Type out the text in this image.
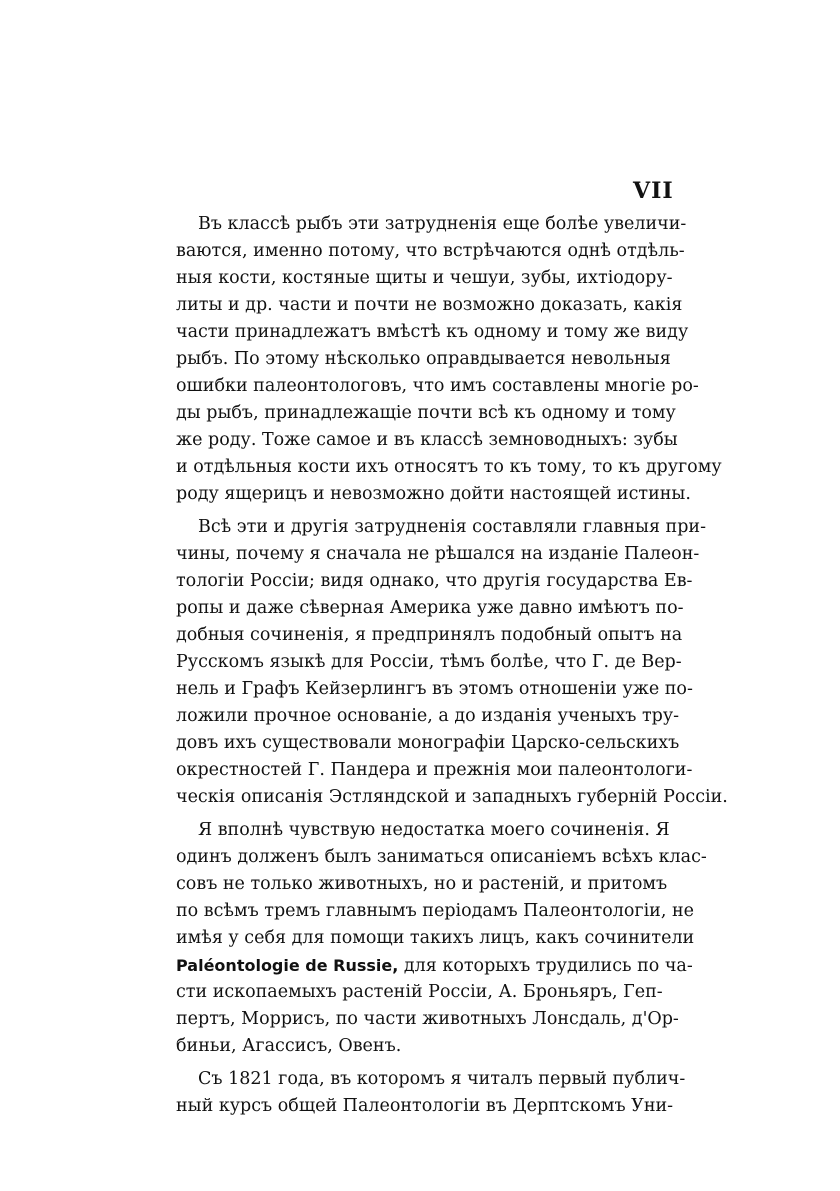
VII
Въ классѣ рыбъ эти затрудненія еще болѣе увеличи-
ваются, именно потому, что встрѣчаются однѣ отдѣль-
ныя кости, костяные щиты и чешуи, зубы, ихтіодору-
литы и др. части и почти не возможно доказать, какія
части принадлежатъ вмѣстѣ къ одному и тому же виду
рыбъ. По этому нѣсколько оправдывается невольныя
ошибки палеонтологовъ, что имъ составлены многіе ро-
ды рыбъ, принадлежащіе почти всѣ къ одному и тому
же роду. Тоже самое и въ классѣ земноводныхъ: зубы
и отдѣльныя кости ихъ относятъ то къ тому, то къ другому
роду ящерицъ и невозможно дойти настоящей истины.
Всѣ эти и другія затрудненія составляли главныя при-
чины, почему я сначала не рѣшался на изданіе Палеон-
тологіи Россіи; видя однако, что другія государства Ев-
ропы и даже сѣверная Америка уже давно имѣютъ по-
добныя сочиненія, я предпринялъ подобный опытъ на
Русскомъ языкѣ для Россіи, тѣмъ болѣе, что Г. де Вер-
нель и Графъ Кейзерлингъ въ этомъ отношеніи уже по-
ложили прочное основаніе, а до изданія ученыхъ тру-
довъ ихъ существовали монографіи Царско-сельскихъ
окрестностей Г. Пандера и прежнія мои палеонтологи-
ческія описанія Эстляндской и западныхъ губерній Россіи.
Я вполнѣ чувствую недостатка моего сочиненія. Я
одинъ долженъ былъ заниматься описаніемъ всѣхъ клас-
совъ не только животныхъ, но и растеній, и притомъ
по всѣмъ тремъ главнымъ періодамъ Палеонтологіи, не
имѣя у себя для помощи такихъ лицъ, какъ сочинители
Paléontologie de Russie, для которыхъ трудились по ча-
сти ископаемыхъ растеній Россіи, А. Броньяръ, Геп-
пертъ, Моррисъ, по части животныхъ Лонсдаль, д'Ор-
биньи, Агассисъ, Овенъ.
Съ 1821 года, въ которомъ я читалъ первый публич-
ный курсъ общей Палеонтологіи въ Дерптскомъ Уни-
